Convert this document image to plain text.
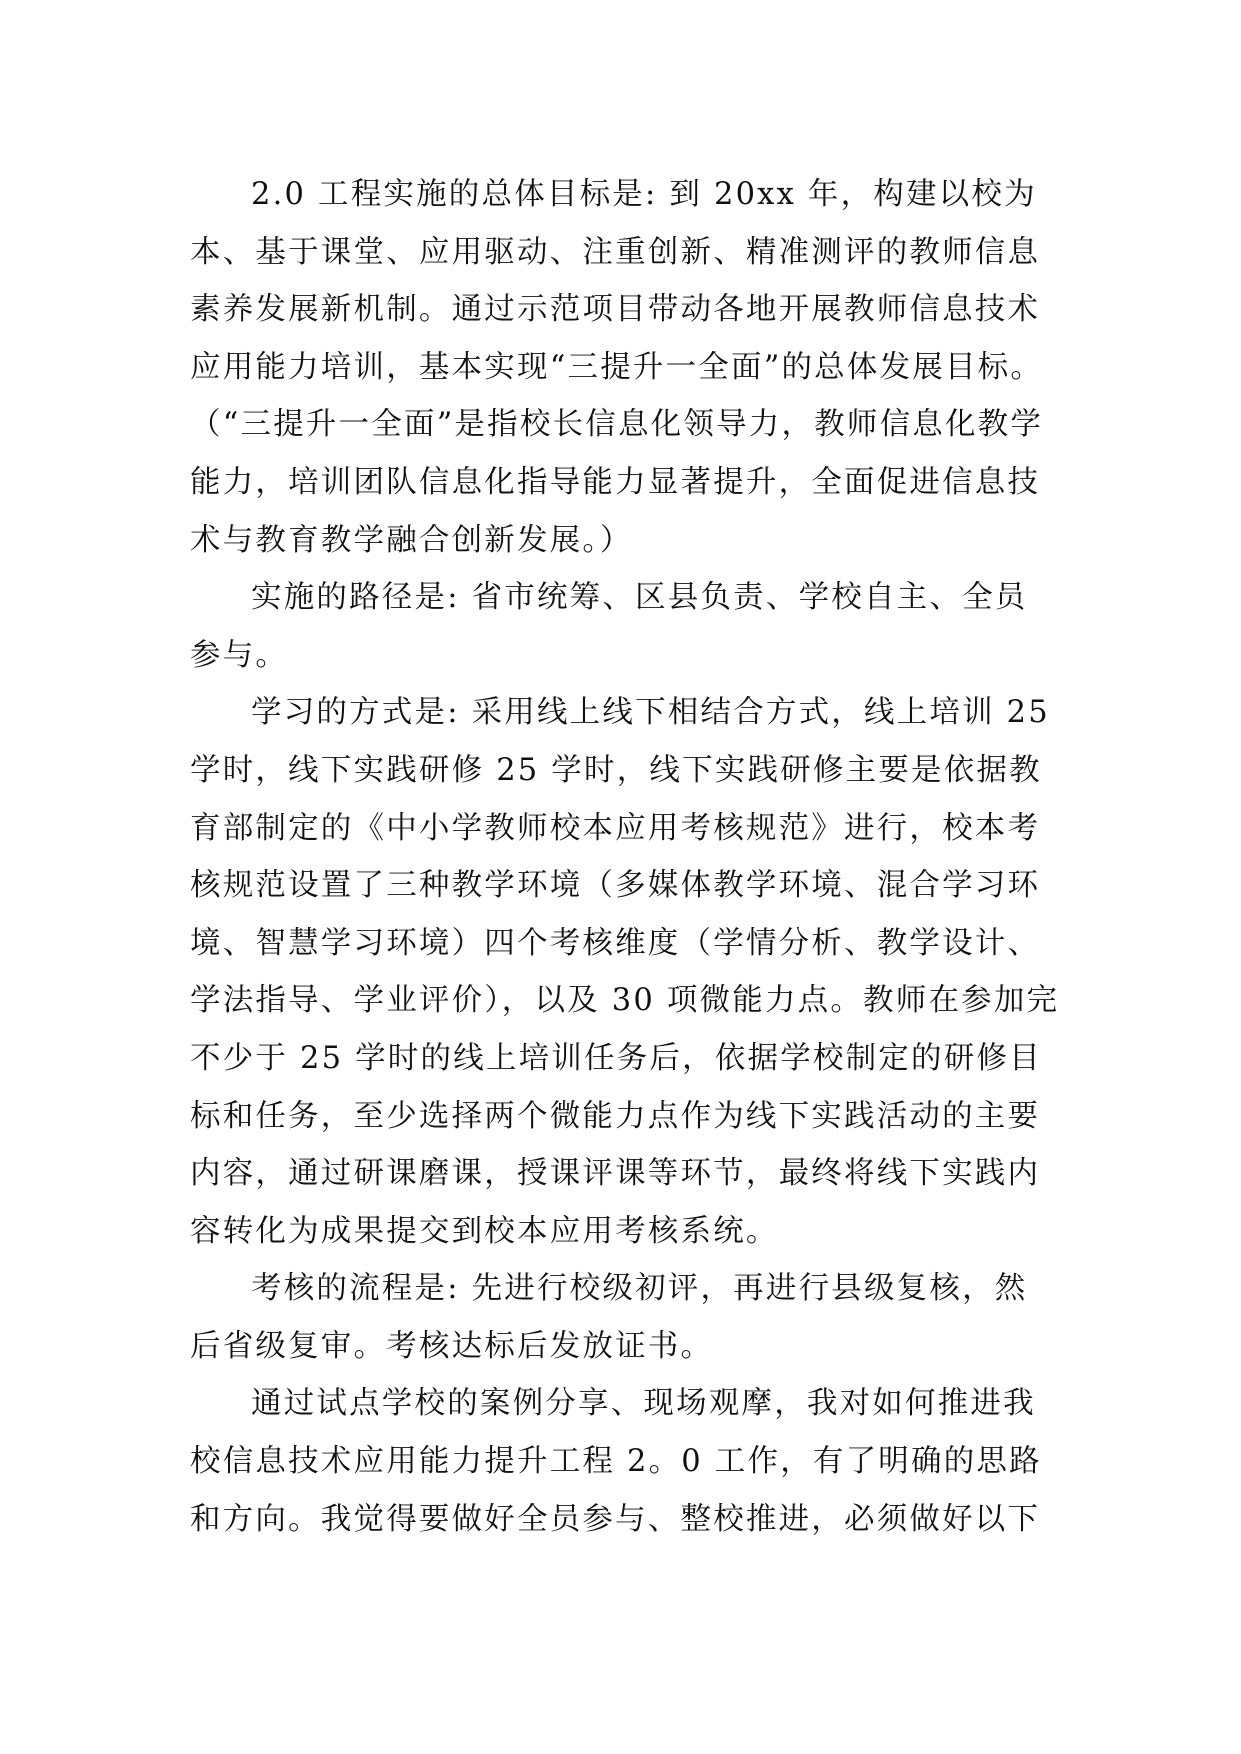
2.0 工程实施的总体目标是: 到 20xx 年，构建以校为本、基于课堂、应用驱动、注重创新、精准测评的教师信息素养发展新机制。通过示范项目带动各地开展教师信息技术应用能力培训，基本实现“三提升一全面”的总体发展目标。（“三提升一全面”是指校长信息化领导力，教师信息化教学能力，培训团队信息化指导能力显著提升，全面促进信息技术与教育教学融合创新发展。）

实施的路径是: 省市统筹、区县负责、学校自主、全员参与。

学习的方式是: 采用线上线下相结合方式，线上培训 25 学时，线下实践研修 25 学时，线下实践研修主要是依据教育部制定的《中小学教师校本应用考核规范》进行，校本考核规范设置了三种教学环境（多媒体教学环境、混合学习环境、智慧学习环境）四个考核维度（学情分析、教学设计、学法指导、学业评价），以及 30 项微能力点。教师在参加完不少于 25 学时的线上培训任务后，依据学校制定的研修目标和任务，至少选择两个微能力点作为线下实践活动的主要内容，通过研课磨课，授课评课等环节，最终将线下实践内容转化为成果提交到校本应用考核系统。

考核的流程是: 先进行校级初评，再进行县级复核，然后省级复审。考核达标后发放证书。

通过试点学校的案例分享、现场观摩，我对如何推进我校信息技术应用能力提升工程 2。0 工作，有了明确的思路和方向。我觉得要做好全员参与、整校推进，必须做好以下
